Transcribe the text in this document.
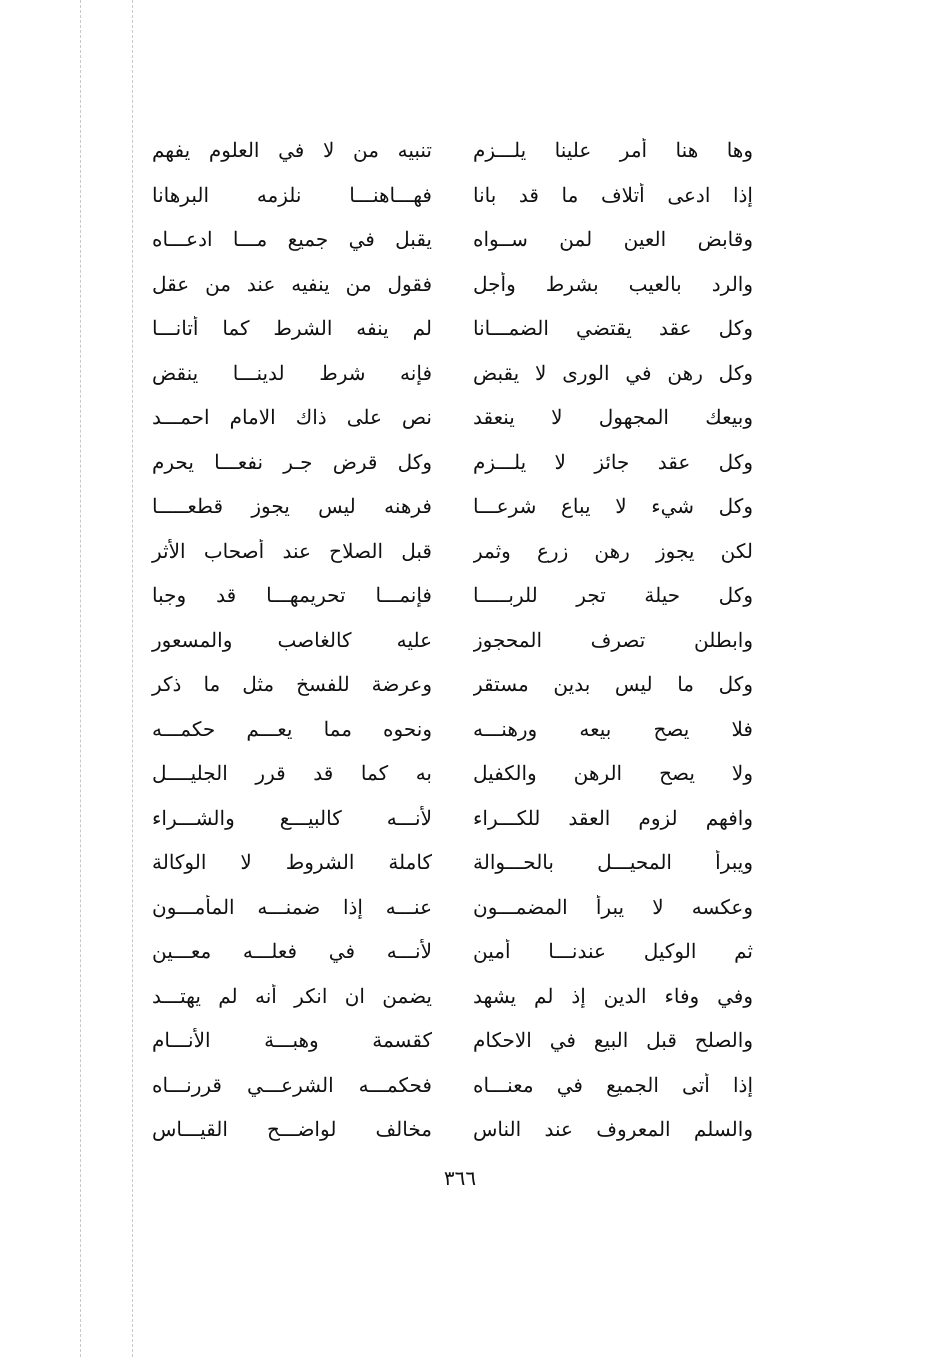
وها هنا أمر علينا يلـــزم
تنبيه من لا في العلوم يفهم
إذا ادعى أتلاف ما قد بانا
فهـــاهنـــا نلزمه البرهانا
وقابض العين لمن ســواه
يقبل في جميع مـــا ادعـــاه
والرد بالعيب بشرط وأجل
فقول من ينفيه عند من عقل
وكل عقد يقتضي الضمـــانا
لم ينفه الشرط كما أتانـــا
وكل رهن في الورى لا يقبض
فإنه شرط لدينـــا ينقض
وبيعك المجهول لا ينعقد
نص على ذاك الامام احمـــد
وكل عقد جائز لا يلـــزم
وكل قرض جـر نفعـــا يحرم
وكل شيء لا يباع شرعـــا
فرهنه ليس يجوز قطعـــــا
لكن يجوز رهن زرع وثمر
قبل الصلاح عند أصحاب الأثر
وكل حيلة تجر للربـــــا
فإنمـــا تحريمهـــا قد وجبا
وابطلن تصرف المحجوز
عليه كالغاصب والمسعور
وكل ما ليس بدين مستقر
وعرضة للفسخ مثل ما ذكر
فلا يصح بيعه ورهنـــه
ونحوه مما يعـــم حكمـــه
ولا يصح الرهن والكفيل
به كما قد قرر الجليــــل
وافهم لزوم العقد للكـــراء
لأنـــه كالبيـــع والشـــراء
ويبرأ المحيـــل بالحـــوالة
كاملة الشروط لا الوكالة
وعكسه لا يبرأ المضمـــون
عنـــه إذا ضمنـــه المأمـــون
ثم الوكيل عندنـــا أمين
لأنـــه في فعلـــه معـــين
وفي وفاء الدين إذ لم يشهد
يضمن ان انكر أنه لم يهتـــد
والصلح قبل البيع في الاحكام
كقسمة وهبـــة الأنـــام
إذا أتى الجميع في معنـــاه
فحكمـــه الشرعـــي قررنـــاه
والسلم المعروف عند الناس
مخالف لواضـــح القيـــاس
٣٦٦
